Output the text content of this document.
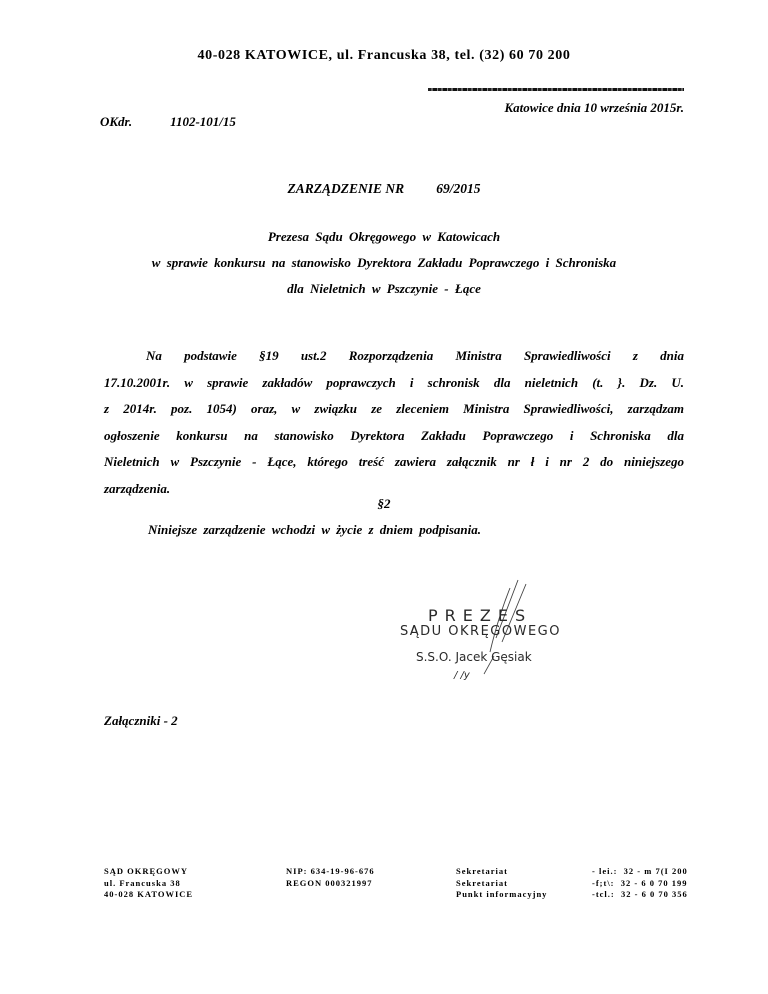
40-028 KATOWICE, ul. Francuska 38, tel. (32) 60 70 200
Katowice dnia 10 września 2015r.
OKdr.	1102-101/15
ZARZĄDZENIE NR 69/2015
Prezesa Sądu Okręgowego w Katowicach
w sprawie konkursu na stanowisko Dyrektora Zakładu Poprawczego i Schroniska
dla Nieletnich w Pszczynie - Łące
Na podstawie §19 ust.2 Rozporządzenia Ministra Sprawiedliwości z dnia
17.10.2001r. w sprawie zakładów poprawczych i schronisk dla nieletnich (t. }. Dz. U.
z 2014r. poz. 1054) oraz, w związku ze zleceniem Ministra Sprawiedliwości, zarządzam
ogłoszenie konkursu na stanowisko Dyrektora Zakładu Poprawczego i Schroniska dla
Nieletnich w Pszczynie - Łące, którego treść zawiera załącznik nr ł i nr 2 do niniejszego
zarządzenia.
§2
Niniejsze zarządzenie wchodzi w życie z dniem podpisania.
PREZES
SĄDU OKRĘGOWEGO
S.S.O. Jacek Gęsiak
/ /y
Załączniki - 2
SĄD OKRĘGOWY
ul. Francuska 38
40-028 KATOWICE
NIP: 634-19-96-676
REGON 000321997
Sekretariat
Sekretariat
Punkt informacyjny
- lei.:  32 - m 7(I 200
-f;t\:  32 - 6 0 70 199
-tcl.:  32 - 6 0 70 356
